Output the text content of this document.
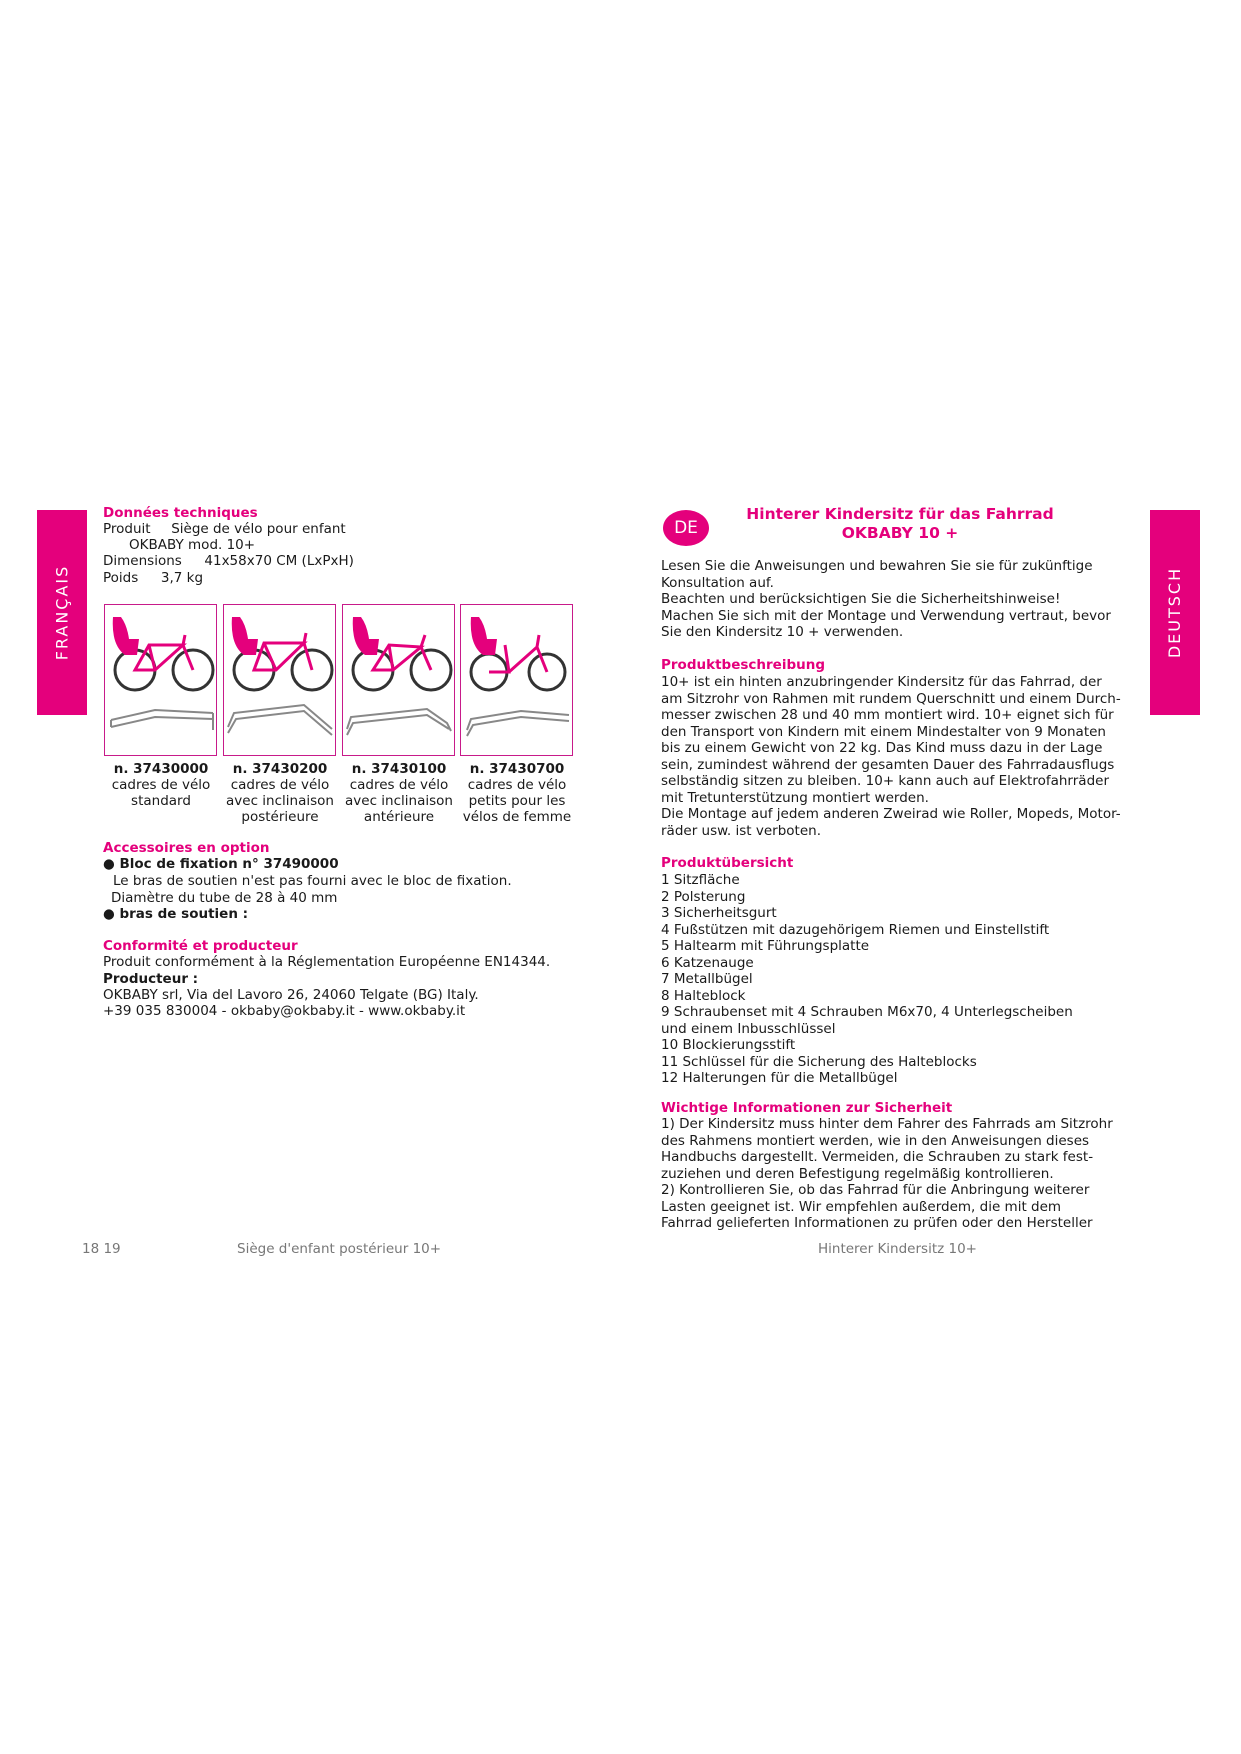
FRANÇAIS	DEUTSCH
Données techniques
Produit Siège de vélo pour enfant
OKBABY mod. 10+
Dimensions 41x58x70 CM (LxPxH)
Poids 3,7 kg
n. 37430000
cadres de vélo
standard
n. 37430200
cadres de vélo
avec inclinaison
postérieure
n. 37430100
cadres de vélo
avec inclinaison
antérieure
n. 37430700
cadres de vélo
petits pour les
vélos de femme
Accessoires en option
● Bloc de fixation n° 37490000
Le bras de soutien n'est pas fourni avec le bloc de fixation.
Diamètre du tube de 28 à 40 mm
● bras de soutien :
Conformité et producteur
Produit conformément à la Réglementation Européenne EN14344.
Producteur :
OKBABY srl, Via del Lavoro 26, 24060 Telgate (BG) Italy.
+39 035 830004 - okbaby@okbaby.it - www.okbaby.it
DE
Hinterer Kindersitz für das Fahrrad
OKBABY 10 +
Lesen Sie die Anweisungen und bewahren Sie sie für zukünftige
Konsultation auf.
Beachten und berücksichtigen Sie die Sicherheitshinweise!
Machen Sie sich mit der Montage und Verwendung vertraut, bevor
Sie den Kindersitz 10 + verwenden.
Produktbeschreibung
10+ ist ein hinten anzubringender Kindersitz für das Fahrrad, der
am Sitzrohr von Rahmen mit rundem Querschnitt und einem Durch-
messer zwischen 28 und 40 mm montiert wird. 10+ eignet sich für
den Transport von Kindern mit einem Mindestalter von 9 Monaten
bis zu einem Gewicht von 22 kg. Das Kind muss dazu in der Lage
sein, zumindest während der gesamten Dauer des Fahrradausflugs
selbständig sitzen zu bleiben. 10+ kann auch auf Elektrofahrräder
mit Tretunterstützung montiert werden.
Die Montage auf jedem anderen Zweirad wie Roller, Mopeds, Motor-
räder usw. ist verboten.
Produktübersicht
1 Sitzfläche
2 Polsterung
3 Sicherheitsgurt
4 Fußstützen mit dazugehörigem Riemen und Einstellstift
5 Haltearm mit Führungsplatte
6 Katzenauge
7 Metallbügel
8 Halteblock
9 Schraubenset mit 4 Schrauben M6x70, 4 Unterlegscheiben
und einem Inbusschlüssel
10 Blockierungsstift
11 Schlüssel für die Sicherung des Halteblocks
12 Halterungen für die Metallbügel
Wichtige Informationen zur Sicherheit
1) Der Kindersitz muss hinter dem Fahrer des Fahrrads am Sitzrohr
des Rahmens montiert werden, wie in den Anweisungen dieses
Handbuchs dargestellt. Vermeiden, die Schrauben zu stark fest-
zuziehen und deren Befestigung regelmäßig kontrollieren.
2) Kontrollieren Sie, ob das Fahrrad für die Anbringung weiterer
Lasten geeignet ist. Wir empfehlen außerdem, die mit dem
Fahrrad gelieferten Informationen zu prüfen oder den Hersteller
18 19	Siège d'enfant postérieur 10+	Hinterer Kindersitz 10+
